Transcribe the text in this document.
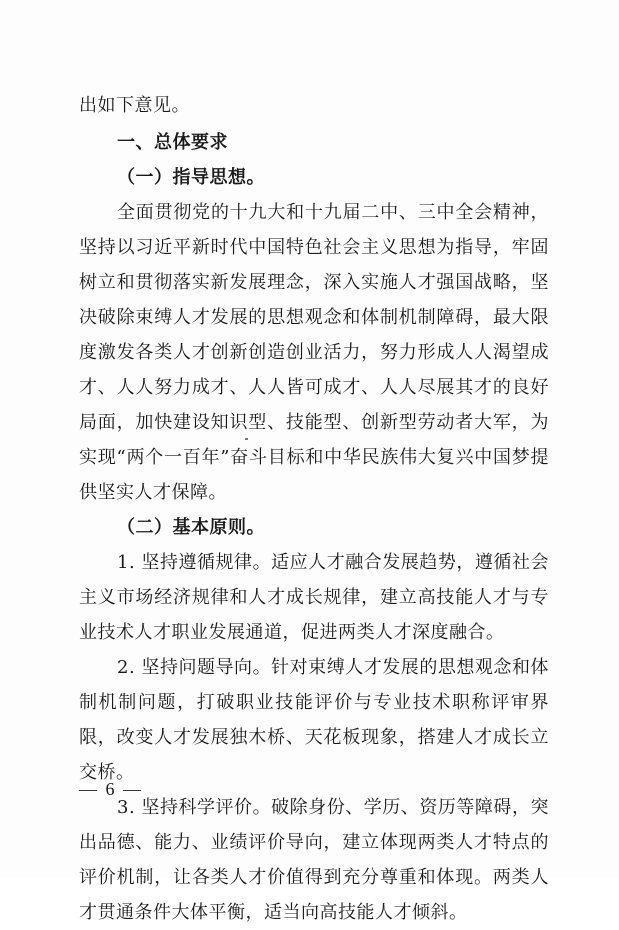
出如下意见。

一、总体要求

（一）指导思想。

全面贯彻党的十九大和十九届二中、三中全会精神，坚持以习近平新时代中国特色社会主义思想为指导，牢固树立和贯彻落实新发展理念，深入实施人才强国战略，坚决破除束缚人才发展的思想观念和体制机制障碍，最大限度激发各类人才创新创造创业活力，努力形成人人渴望成才、人人努力成才、人人皆可成才、人人尽展其才的良好局面，加快建设知识型、技能型、创新型劳动者大军，为实现“两个一百年”奋斗目标和中华民族伟大复兴中国梦提供坚实人才保障。

（二）基本原则。

1. 坚持遵循规律。适应人才融合发展趋势，遵循社会主义市场经济规律和人才成长规律，建立高技能人才与专业技术人才职业发展通道，促进两类人才深度融合。

2. 坚持问题导向。针对束缚人才发展的思想观念和体制机制问题，打破职业技能评价与专业技术职称评审界限，改变人才发展独木桥、天花板现象，搭建人才成长立交桥。

3. 坚持科学评价。破除身份、学历、资历等障碍，突出品德、能力、业绩评价导向，建立体现两类人才特点的评价机制，让各类人才价值得到充分尊重和体现。两类人才贯通条件大体平衡，适当向高技能人才倾斜。

— 6 —
